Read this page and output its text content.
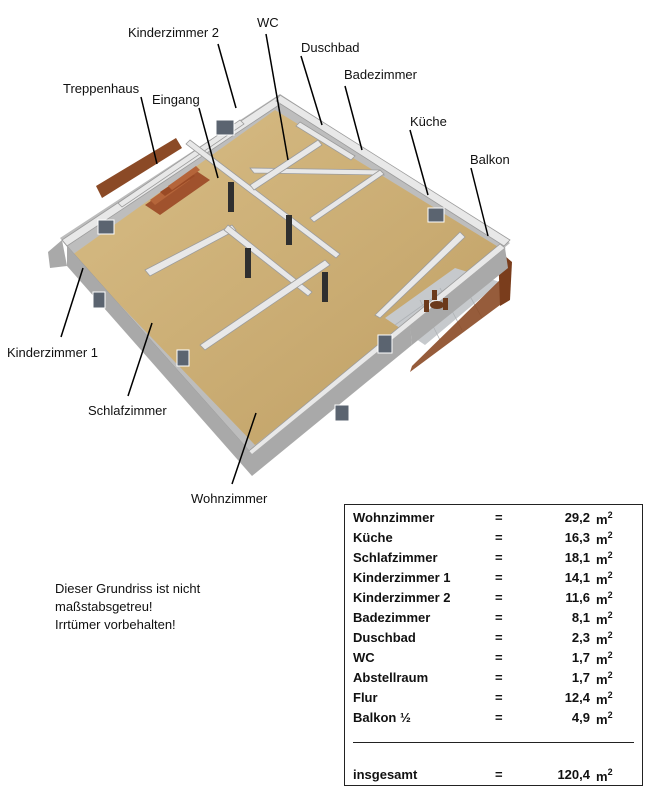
Kinderzimmer 2
WC
Duschbad
Badezimmer
Treppenhaus
Eingang
Küche
Balkon
Kinderzimmer 1
Schlafzimmer
Wohnzimmer
Dieser Grundriss ist nicht
maßstabsgetreu!
Irrtümer vorbehalten!
Wohnzimmer	=	29,2 $m^2$
Küche	=	16,3 $m^2$
Schlafzimmer	=	18,1 $m^2$
Kinderzimmer 1	=	14,1 $m^2$
Kinderzimmer 2	=	11,6 $m^2$
Badezimmer	=	8,1 $m^2$
Duschbad	=	2,3 $m^2$
WC	=	1,7 $m^2$
Abstellraum	=	1,7 $m^2$
Flur	=	12,4 $m^2$
Balkon ½	=	4,9 $m^2$
insgesamt	=	120,4 $m^2$
